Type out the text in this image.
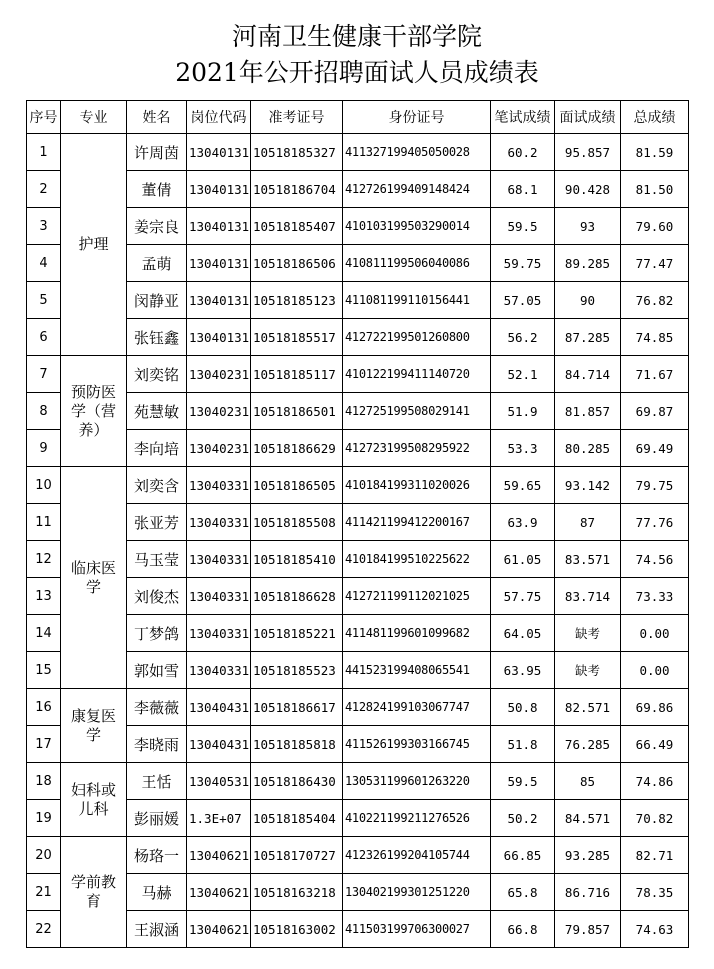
河南卫生健康干部学院
2021年公开招聘面试人员成绩表
序号	专业	姓名	岗位代码	准考证号	身份证号	笔试成绩	面试成绩	总成绩
1	护理	许周茵	13040131	10518185327	411327199405050028	60.2	95.857	81.59
2		董倩	13040131	10518186704	412726199409148424	68.1	90.428	81.50
3		姜宗良	13040131	10518185407	410103199503290014	59.5	93	79.60
4		孟萌	13040131	10518186506	410811199506040086	59.75	89.285	77.47
5		闵静亚	13040131	10518185123	411081199110156441	57.05	90	76.82
6		张钰鑫	13040131	10518185517	412722199501260800	56.2	87.285	74.85
7	预防医学（营养）	刘奕铭	13040231	10518185117	410122199411140720	52.1	84.714	71.67
8		苑慧敏	13040231	10518186501	412725199508029141	51.9	81.857	69.87
9		李向培	13040231	10518186629	412723199508295922	53.3	80.285	69.49
10	临床医学	刘奕含	13040331	10518186505	410184199311020026	59.65	93.142	79.75
11		张亚芳	13040331	10518185508	411421199412200167	63.9	87	77.76
12		马玉莹	13040331	10518185410	410184199510225622	61.05	83.571	74.56
13		刘俊杰	13040331	10518186628	412721199112021025	57.75	83.714	73.33
14		丁梦鸽	13040331	10518185221	411481199601099682	64.05	缺考	0.00
15		郭如雪	13040331	10518185523	441523199408065541	63.95	缺考	0.00
16	康复医学	李薇薇	13040431	10518186617	412824199103067747	50.8	82.571	69.86
17		李晓雨	13040431	10518185818	411526199303166745	51.8	76.285	66.49
18	妇科或儿科	王恬	13040531	10518186430	130531199601263220	59.5	85	74.86
19		彭丽媛	1.3E+07	10518185404	410221199211276526	50.2	84.571	70.82
20	学前教育	杨珞一	13040621	10518170727	412326199204105744	66.85	93.285	82.71
21		马赫	13040621	10518163218	130402199301251220	65.8	86.716	78.35
22		王淑涵	13040621	10518163002	411503199706300027	66.8	79.857	74.63
